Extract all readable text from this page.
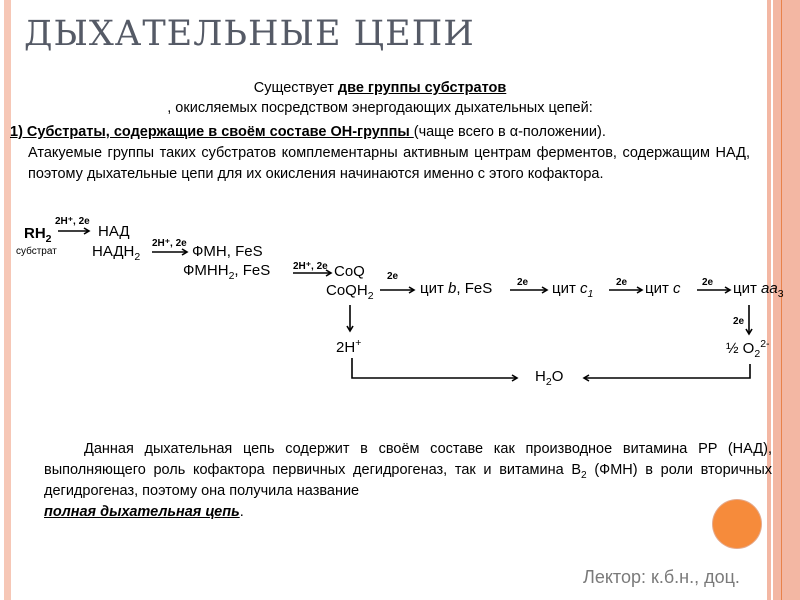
ДЫХАТЕЛЬНЫЕ ЦЕПИ
Существует две группы субстратов
, окисляемых посредством энергодающих дыхательных цепей:
1) Субстраты, содержащие в своём составе ОН-группы (чаще всего в α-положении).
Атакуемые группы таких субстратов комплементарны активным центрам ферментов, содержащим НАД, поэтому дыхательные цепи для их окисления начинаются именно с этого кофактора.
$RH_2$
субстрат
2H⁺, 2e
НАД
$НАДН_2$
2H⁺, 2e ФМН, FeS
$ФМНН_2$, FeS 2H⁺, 2e CoQ
CoQH$_2$
2e
цит b, FeS 2e цит $c_1$
2e цит c 2e цит $aa_3$
2e
2H+	½ $O_2^{2-}$
$H_2O$
Данная дыхательная цепь содержит в своём составе как производное витамина PP (НАД), выполняющего роль кофактора первичных дегидрогеназ, так и витамина $B_2$ (ФМН) в роли вторичных дегидрогеназ, поэтому она получила название
полная дыхательная цепь.
Лектор: к.б.н., доц.
